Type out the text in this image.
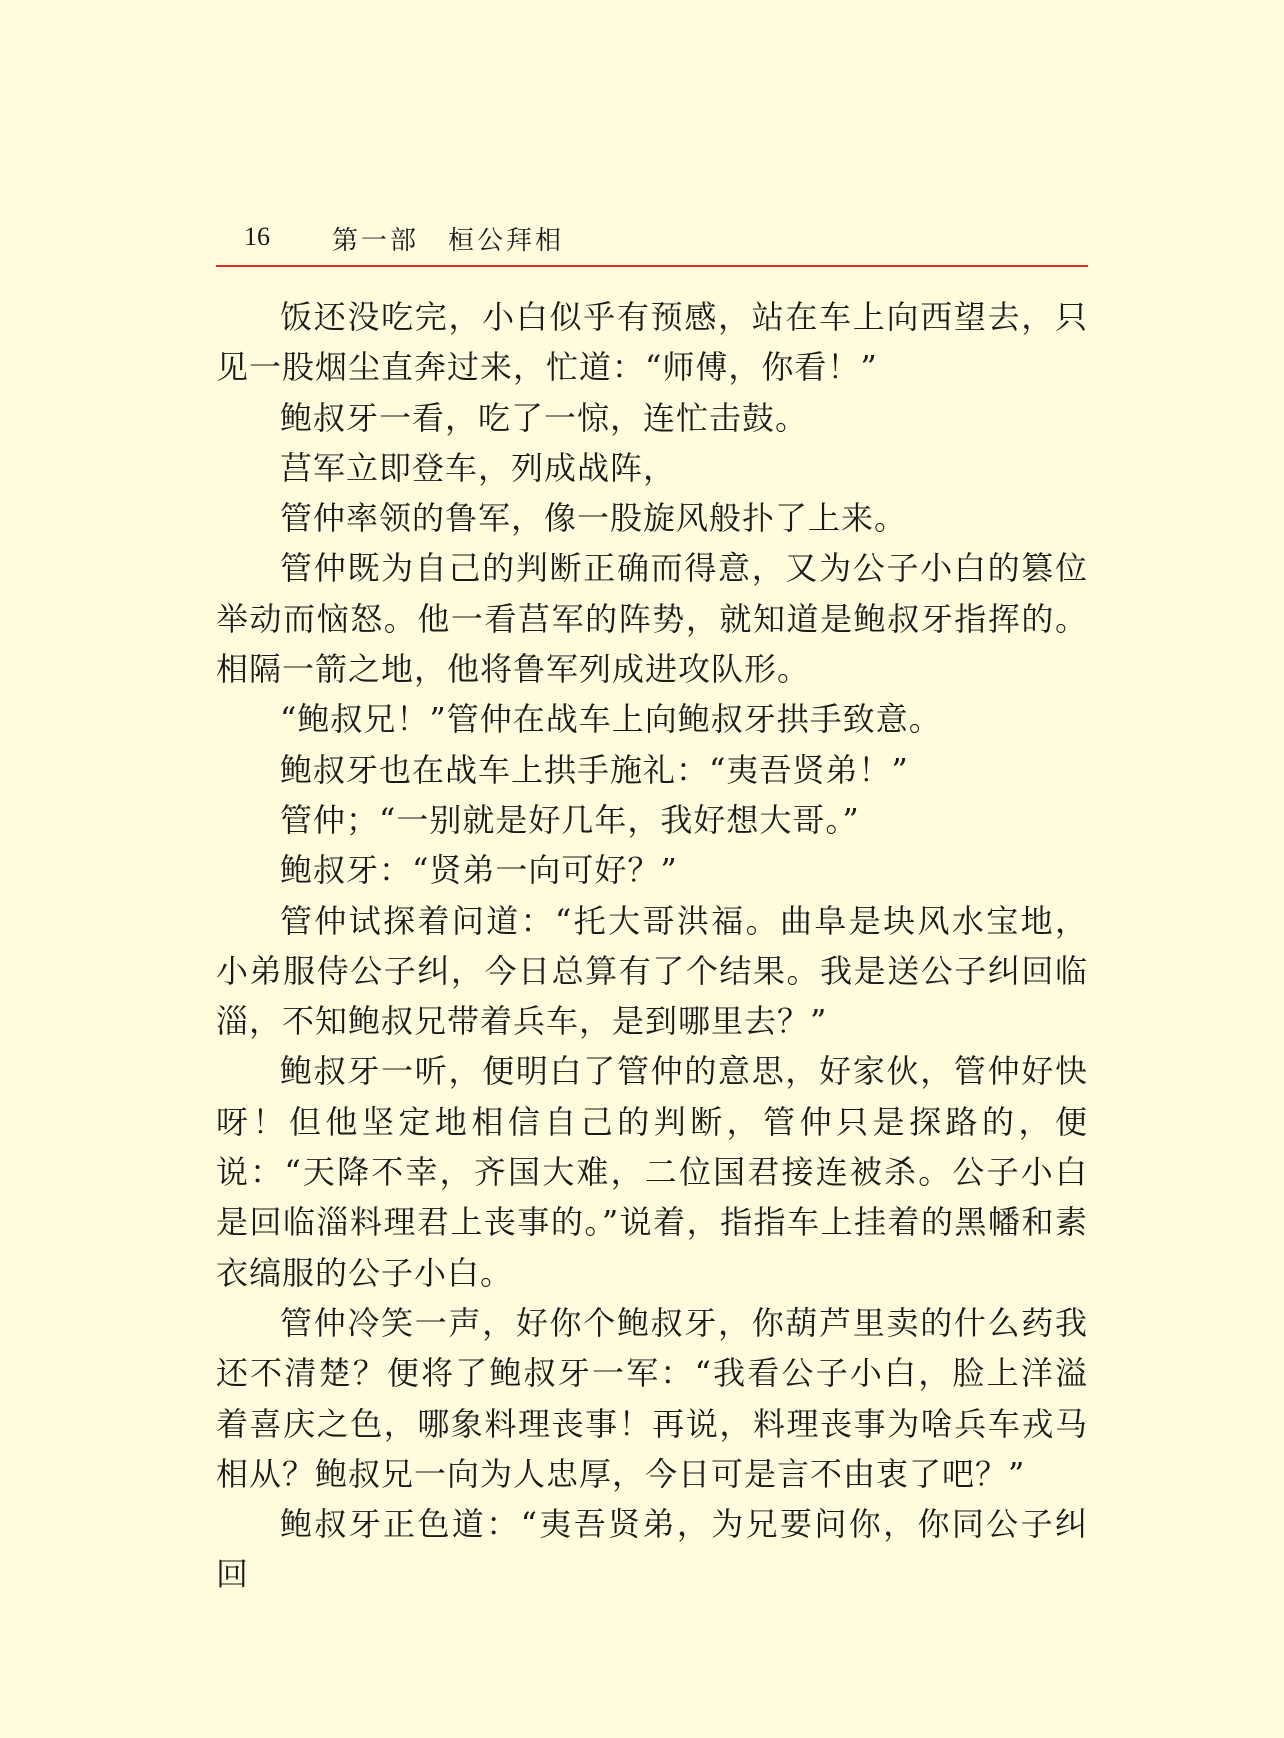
16 第一部　桓公拜相

饭还没吃完，小白似乎有预感，站在车上向西望去，只见一股烟尘直奔过来，忙道：“师傅，你看！”

鲍叔牙一看，吃了一惊，连忙击鼓。

莒军立即登车，列成战阵，

管仲率领的鲁军，像一股旋风般扑了上来。

管仲既为自己的判断正确而得意，又为公子小白的篡位举动而恼怒。他一看莒军的阵势，就知道是鲍叔牙指挥的。相隔一箭之地，他将鲁军列成进攻队形。

“鲍叔兄！”管仲在战车上向鲍叔牙拱手致意。

鲍叔牙也在战车上拱手施礼：“夷吾贤弟！”

管仲；“一别就是好几年，我好想大哥。”

鲍叔牙：“贤弟一向可好？”

管仲试探着问道：“托大哥洪福。曲阜是块风水宝地，小弟服侍公子纠，今日总算有了个结果。我是送公子纠回临淄，不知鲍叔兄带着兵车，是到哪里去？”

鲍叔牙一听，便明白了管仲的意思，好家伙，管仲好快呀！但他坚定地相信自己的判断，管仲只是探路的，便说：“天降不幸，齐国大难，二位国君接连被杀。公子小白是回临淄料理君上丧事的。”说着，指指车上挂着的黑幡和素衣缟服的公子小白。

管仲冷笑一声，好你个鲍叔牙，你葫芦里卖的什么药我还不清楚？便将了鲍叔牙一军：“我看公子小白，脸上洋溢着喜庆之色，哪象料理丧事！再说，料理丧事为啥兵车戎马相从？鲍叔兄一向为人忠厚，今日可是言不由衷了吧？”

鲍叔牙正色道：“夷吾贤弟，为兄要问你，你同公子纠回
